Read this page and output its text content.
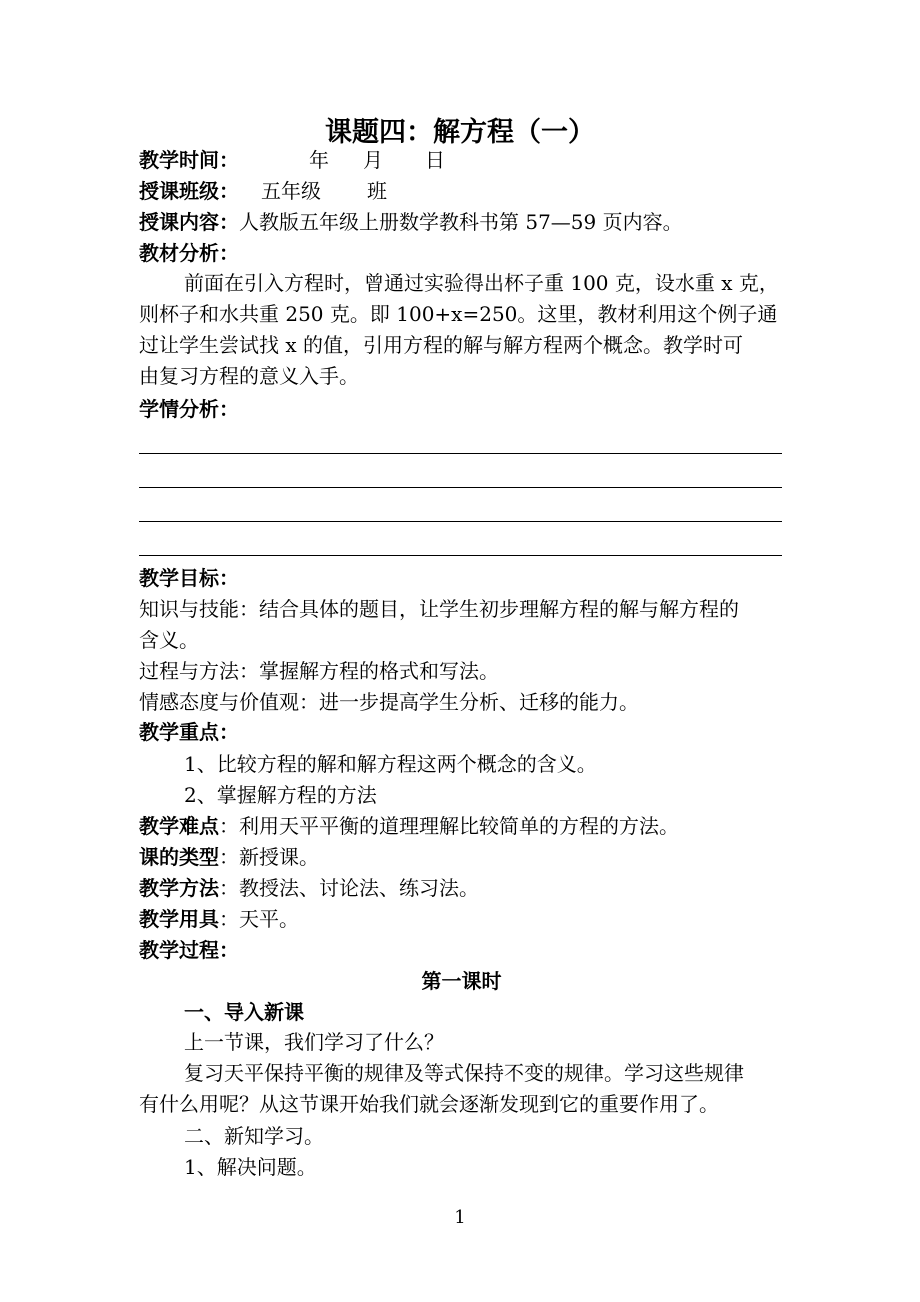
课题四：解方程（一）
教学时间：	年 月 日
授课班级： 五年级 班
授课内容：人教版五年级上册数学教科书第 57—59 页内容。
教材分析：
前面在引入方程时，曾通过实验得出杯子重 100 克，设水重 x 克，
则杯子和水共重 250 克。即 100+x=250。这里，教材利用这个例子通
过让学生尝试找 x 的值，引用方程的解与解方程两个概念。教学时可
由复习方程的意义入手。
学情分析：
教学目标：
知识与技能：结合具体的题目，让学生初步理解方程的解与解方程的
含义。
过程与方法：掌握解方程的格式和写法。
情感态度与价值观：进一步提高学生分析、迁移的能力。
教学重点：
1、比较方程的解和解方程这两个概念的含义。
2、掌握解方程的方法
教学难点：利用天平平衡的道理理解比较简单的方程的方法。
课的类型：新授课。
教学方法：教授法、讨论法、练习法。
教学用具：天平。
教学过程：
第一课时
一、导入新课
上一节课，我们学习了什么？
复习天平保持平衡的规律及等式保持不变的规律。学习这些规律
有什么用呢？从这节课开始我们就会逐渐发现到它的重要作用了。
二、新知学习。
1、解决问题。
1
